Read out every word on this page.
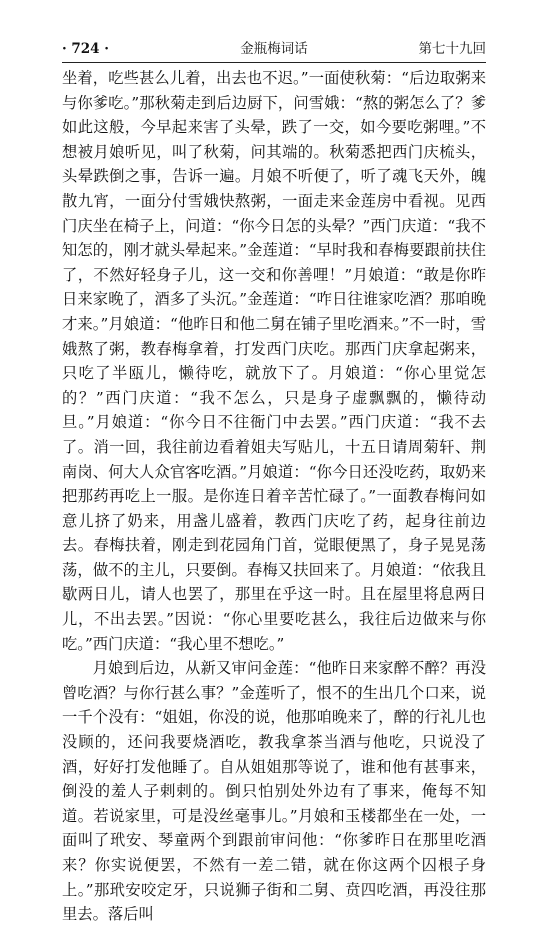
· 724 ·	金瓶梅词话	第七十九回

坐着，吃些甚么儿着，出去也不迟。”一面使秋菊：“后边取粥来与你爹吃。”那秋菊走到后边厨下，问雪娥：“熬的粥怎么了？爹如此这般，今早起来害了头晕，跌了一交，如今要吃粥哩。”不想被月娘听见，叫了秋菊，问其端的。秋菊悉把西门庆梳头，头晕跌倒之事，告诉一遍。月娘不听便了，听了魂飞天外，魄散九宵，一面分付雪娥快熬粥，一面走来金莲房中看视。见西门庆坐在椅子上，问道：“你今日怎的头晕？”西门庆道：“我不知怎的，刚才就头晕起来。”金莲道：“早时我和春梅要跟前扶住了，不然好轻身子儿，这一交和你善哩！”月娘道：“敢是你昨日来家晚了，酒多了头沉。”金莲道：“咋日往谁家吃酒？那咱晚才来。”月娘道：“他昨日和他二舅在铺子里吃酒来。”不一时，雪娥熬了粥，教春梅拿着，打发西门庆吃。那西门庆拿起粥来，只吃了半瓯儿，懒待吃，就放下了。月娘道：“你心里觉怎的？”西门庆道：“我不怎么，只是身子虚飘飘的，懒待动旦。”月娘道：“你今日不往衙门中去罢。”西门庆道：“我不去了。消一回，我往前边看着姐夫写贴儿，十五日请周菊轩、荆南岗、何大人众官客吃酒。”月娘道：“你今日还没吃药，取奶来把那药再吃上一服。是你连日着辛苦忙碌了。”一面教春梅问如意儿挤了奶来，用盏儿盛着，教西门庆吃了药，起身往前边去。春梅扶着，刚走到花园角门首，觉眼便黑了，身子晃晃荡荡，做不的主儿，只要倒。春梅又扶回来了。月娘道：“依我且歇两日儿，请人也罢了，那里在乎这一时。且在屋里将息两日儿，不出去罢。”因说：“你心里要吃甚么，我往后边做来与你吃。”西门庆道：“我心里不想吃。”

月娘到后边，从新又审问金莲：“他昨日来家醉不醉？再没曾吃酒？与你行甚么事？”金莲听了，恨不的生出几个口来，说一千个没有：“姐姐，你没的说，他那咱晚来了，醉的行礼儿也没顾的，还问我要烧酒吃，教我拿茶当酒与他吃，只说没了酒，好好打发他睡了。自从姐姐那等说了，谁和他有甚事来，倒没的羞人子剌剌的。倒只怕别处外边有了事来，俺每不知道。若说家里，可是没丝毫事儿。”月娘和玉楼都坐在一处，一面叫了玳安、琴童两个到跟前审问他：“你爹昨日在那里吃酒来？你实说便罢，不然有一差二错，就在你这两个囚根子身上。”那玳安咬定牙，只说狮子街和二舅、贲四吃酒，再没往那里去。落后叫
